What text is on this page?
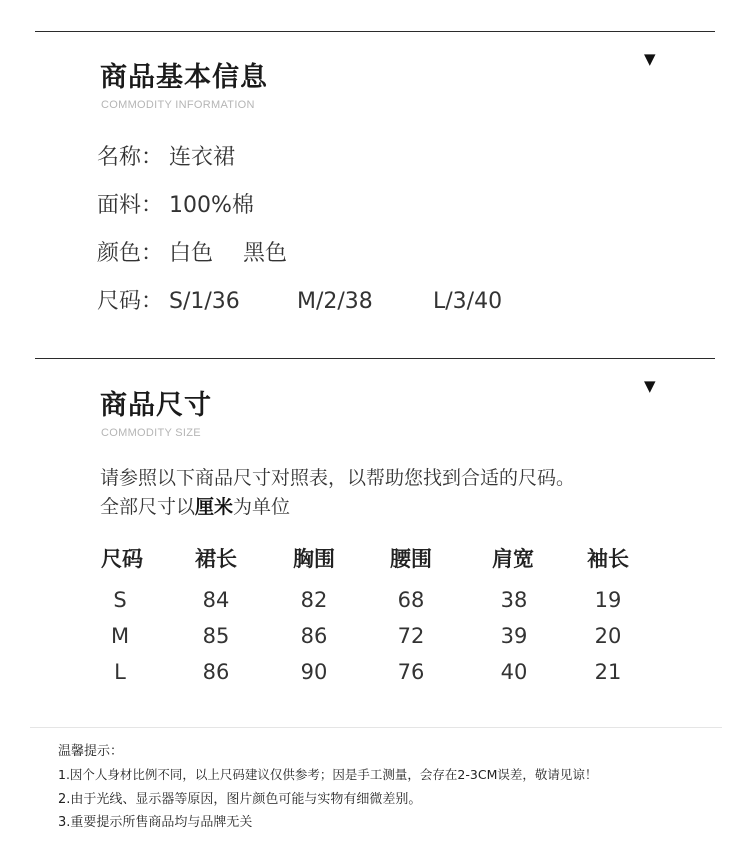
▼
商品基本信息
COMMODITY INFORMATION
名称： 连衣裙
面料： 100%棉
颜色： 白色 黑色
尺码： S/1/36	M/2/38	L/3/40
▼
商品尺寸
COMMODITY SIZE
请参照以下商品尺寸对照表，以帮助您找到合适的尺码。
全部尺寸以厘米为单位
尺码	裙长	胸围	腰围	肩宽	袖长
S	84	82	68	38	19
M	85	86	72	39	20
L	86	90	76	40	21
温馨提示：
1.因个人身材比例不同，以上尺码建议仅供参考；因是手工测量，会存在2-3CM误差，敬请见谅！
2.由于光线、显示器等原因，图片颜色可能与实物有细微差别。
3.重要提示所售商品均与品牌无关
